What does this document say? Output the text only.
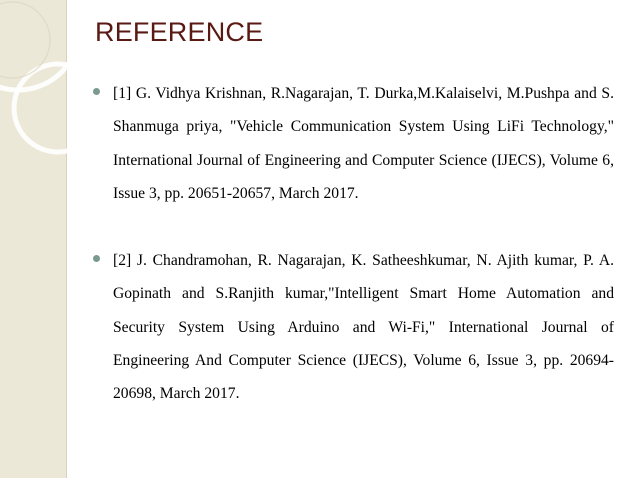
REFERENCE
[1] G. Vidhya Krishnan, R.Nagarajan, T. Durka,M.Kalaiselvi, M.Pushpa and S. Shanmuga priya, "Vehicle Communication System Using LiFi Technology," International Journal of Engineering and Computer Science (IJECS), Volume 6, Issue 3, pp. 20651-20657, March 2017.
[2] J. Chandramohan, R. Nagarajan, K. Satheeshkumar, N. Ajith kumar, P. A. Gopinath and S.Ranjith kumar,"Intelligent Smart Home Automation and Security System Using Arduino and Wi-Fi," International Journal of Engineering And Computer Science (IJECS), Volume 6, Issue 3, pp. 20694-20698, March 2017.
